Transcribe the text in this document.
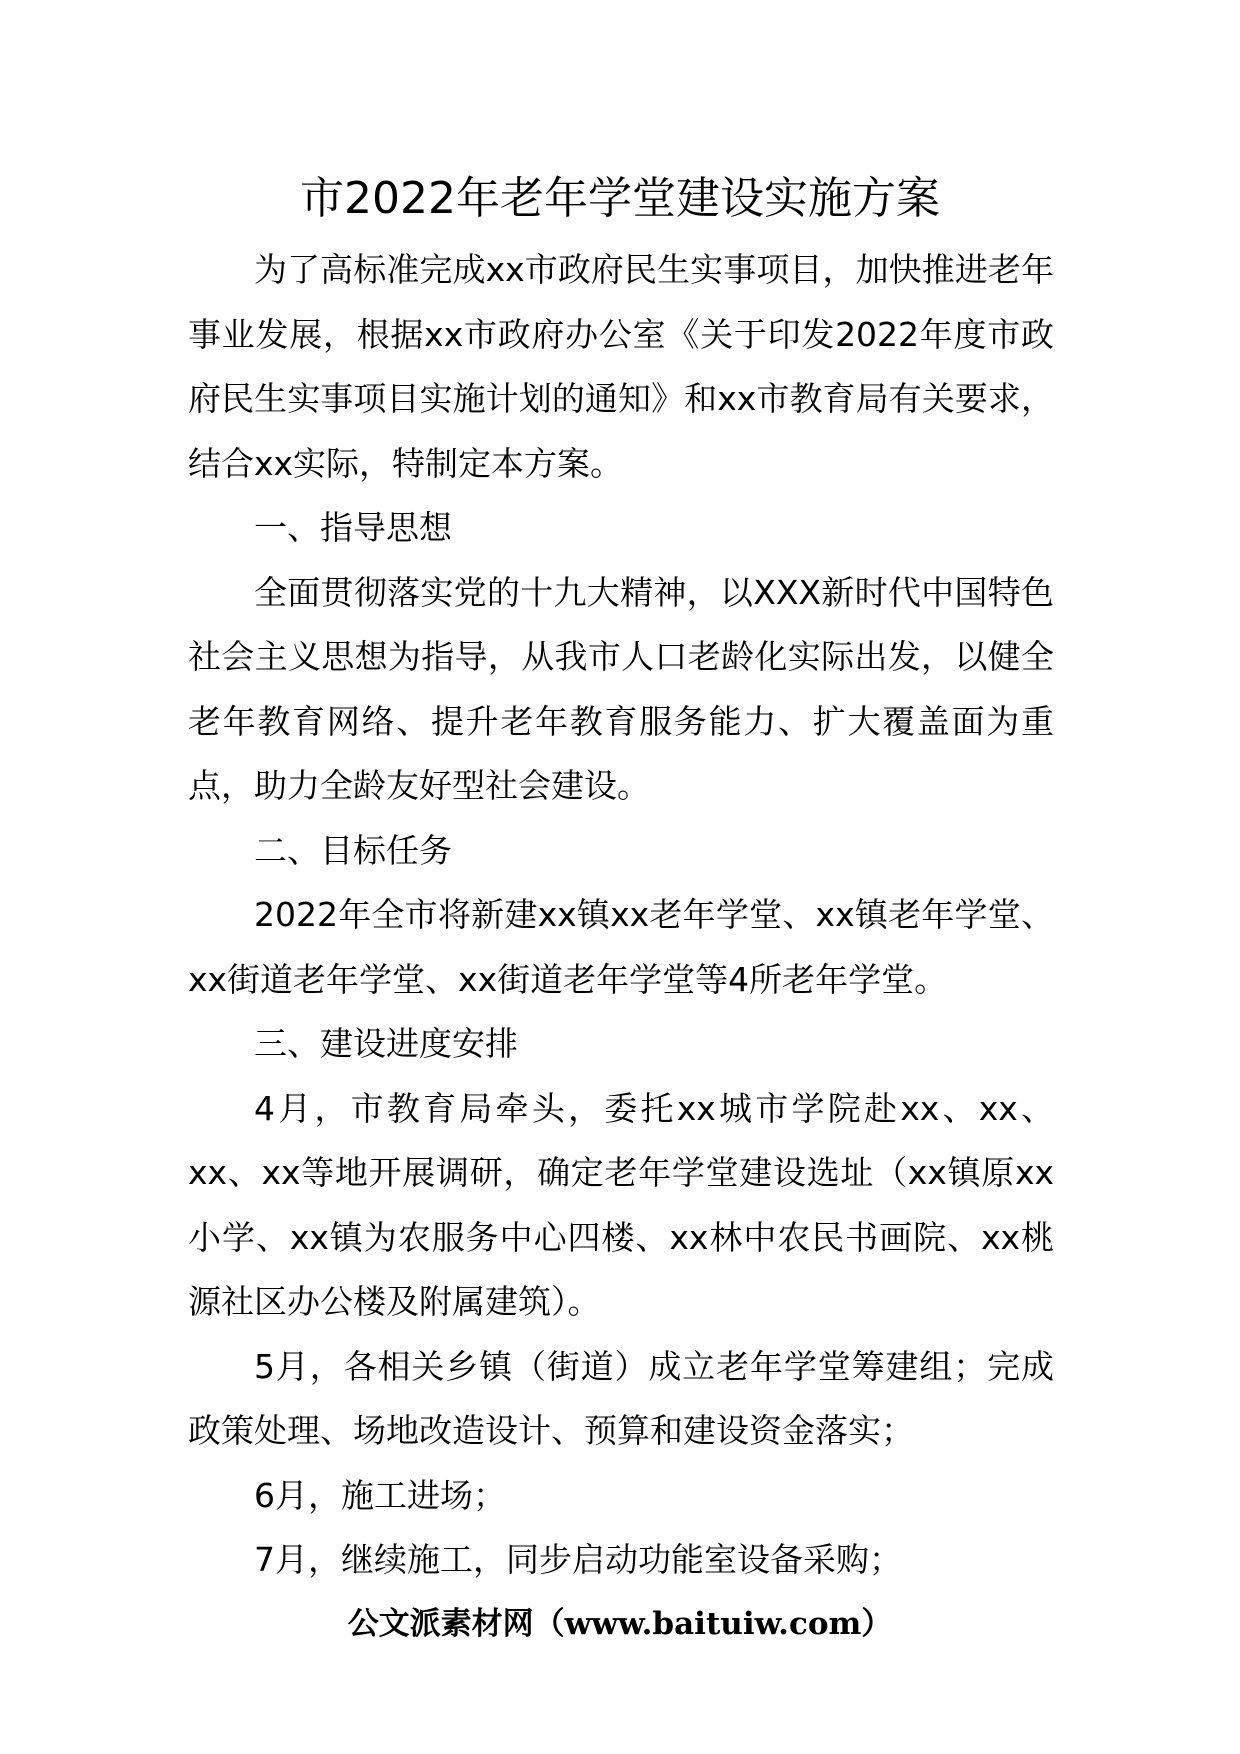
市2022年老年学堂建设实施方案

为了高标准完成xx市政府民生实事项目，加快推进老年事业发展，根据xx市政府办公室《关于印发2022年度市政府民生实事项目实施计划的通知》和xx市教育局有关要求，结合xx实际，特制定本方案。

一、指导思想

全面贯彻落实党的十九大精神，以XXX新时代中国特色社会主义思想为指导，从我市人口老龄化实际出发，以健全老年教育网络、提升老年教育服务能力、扩大覆盖面为重点，助力全龄友好型社会建设。

二、目标任务

2022年全市将新建xx镇xx老年学堂、xx镇老年学堂、xx街道老年学堂、xx街道老年学堂等4所老年学堂。

三、建设进度安排

4月，市教育局牵头，委托xx城市学院赴xx、xx、xx、xx等地开展调研，确定老年学堂建设选址（xx镇原xx小学、xx镇为农服务中心四楼、xx林中农民书画院、xx桃源社区办公楼及附属建筑）。

5月，各相关乡镇（街道）成立老年学堂筹建组；完成政策处理、场地改造设计、预算和建设资金落实；

6月，施工进场；

7月，继续施工，同步启动功能室设备采购；

公文派素材网（www.baituiw.com）
